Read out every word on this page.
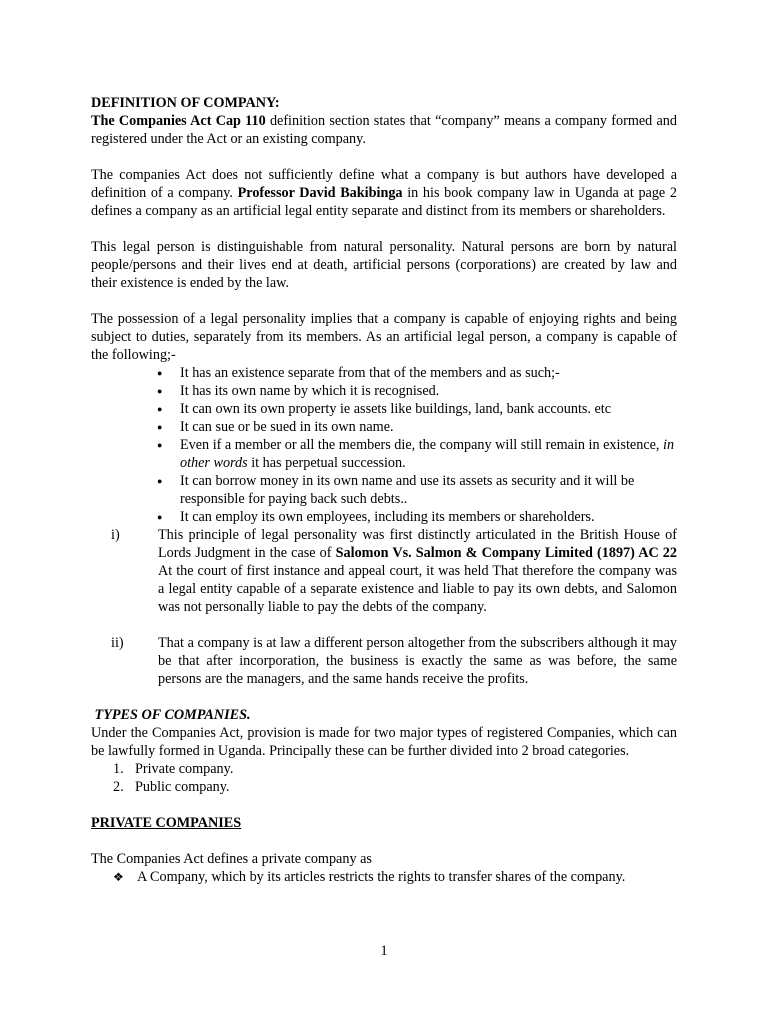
DEFINITION OF COMPANY:

The Companies Act Cap 110 definition section states that “company” means a company formed and registered under the Act or an existing company.

The companies Act does not sufficiently define what a company is but authors have developed a definition of a company. Professor David Bakibinga in his book company law in Uganda at page 2 defines a company as an artificial legal entity separate and distinct from its members or shareholders.

This legal person is distinguishable from natural personality. Natural persons are born by natural people/persons and their lives end at death, artificial persons (corporations) are created by law and their existence is ended by the law.

The possession of a legal personality implies that a company is capable of enjoying rights and being subject to duties, separately from its members. As an artificial legal person, a company is capable of the following;-

● It has an existence separate from that of the members and as such;-
● It has its own name by which it is recognised.
● It can own its own property ie assets like buildings, land, bank accounts. etc
● It can sue or be sued in its own name.
● Even if a member or all the members die, the company will still remain in existence, in other words it has perpetual succession.
● It can borrow money in its own name and use its assets as security and it will be responsible for paying back such debts..
● It can employ its own employees, including its members or shareholders.
i)	This principle of legal personality was first distinctly articulated in the British House of Lords Judgment in the case of Salomon Vs. Salmon & Company Limited (1897) AC 22 At the court of first instance and appeal court, it was held That therefore the company was a legal entity capable of a separate existence and liable to pay its own debts, and Salomon was not personally liable to pay the debts of the company.
ii)	That a company is at law a different person altogether from the subscribers although it may be that after incorporation, the business is exactly the same as was before, the same persons are the managers, and the same hands receive the profits.

TYPES OF COMPANIES.

Under the Companies Act, provision is made for two major types of registered Companies, which can be lawfully formed in Uganda. Principally these can be further divided into 2 broad categories.

1. Private company.
2. Public company.

PRIVATE COMPANIES

The Companies Act defines a private company as

❖ A Company, which by its articles restricts the rights to transfer shares of the company.
1
